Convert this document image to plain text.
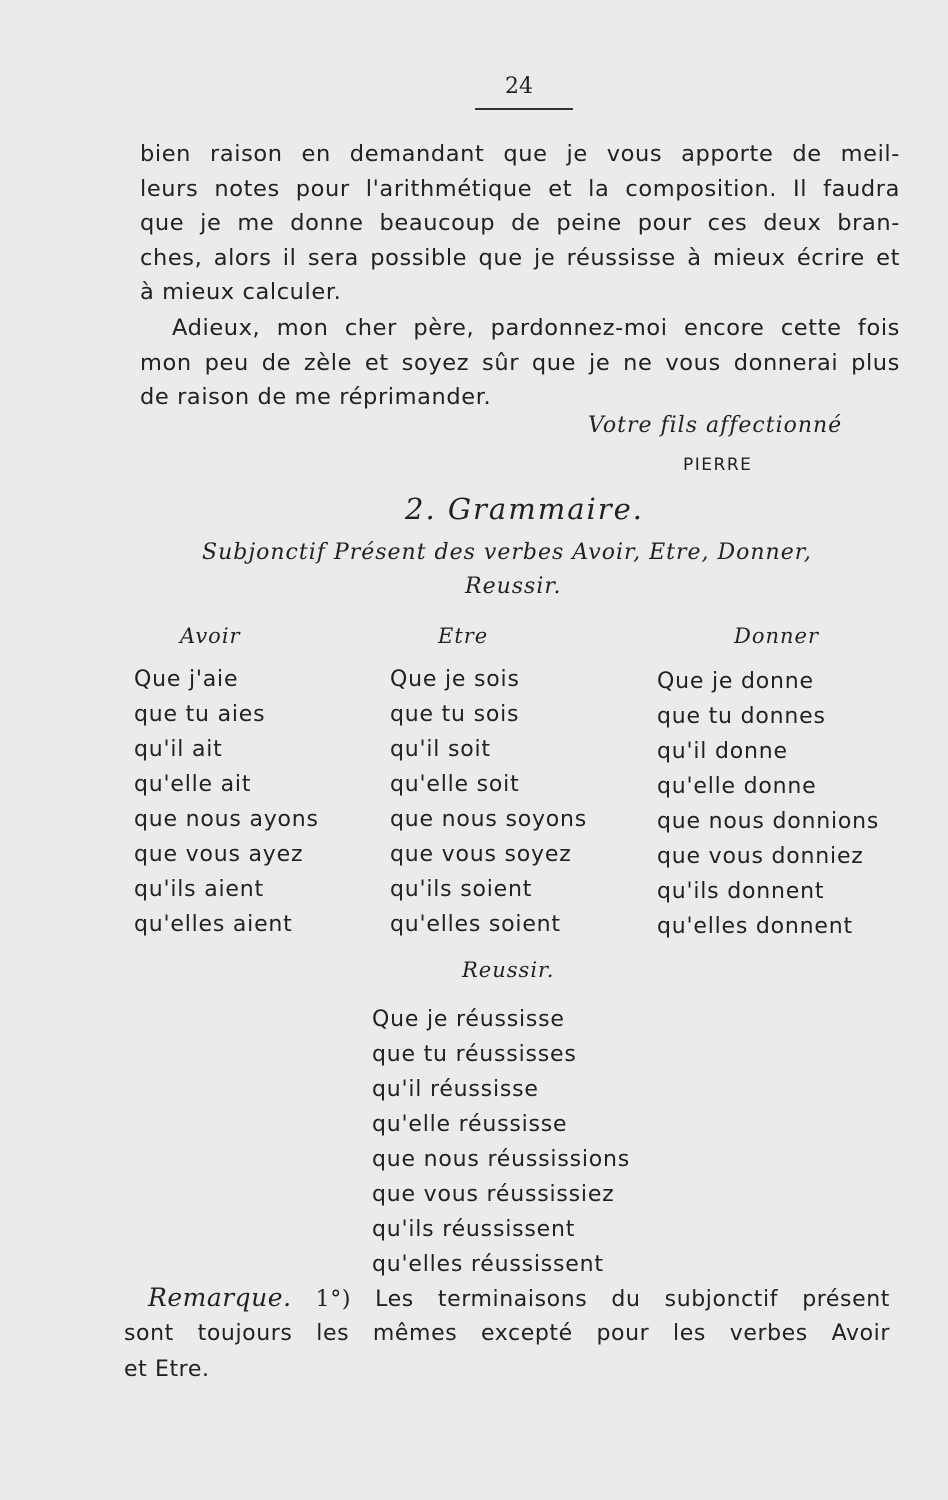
24
bien raison en demandant que je vous apporte de meil-
leurs notes pour l'arithmétique et la composition. Il faudra
que je me donne beaucoup de peine pour ces deux bran-
ches, alors il sera possible que je réussisse à mieux écrire et
à mieux calculer.
Adieux, mon cher père, pardonnez-moi encore cette fois
mon peu de zèle et soyez sûr que je ne vous donnerai plus
de raison de me réprimander.
Votre fils affectionné
PIERRE
2. Grammaire.
Subjonctif Présent des verbes Avoir, Etre, Donner,
Reussir.
Avoir	Etre	Donner
Que j'aie
que tu aies
qu'il ait
qu'elle ait
que nous ayons
que vous ayez
qu'ils aient
qu'elles aient
Que je sois
que tu sois
qu'il soit
qu'elle soit
que nous soyons
que vous soyez
qu'ils soient
qu'elles soient
Que je donne
que tu donnes
qu'il donne
qu'elle donne
que nous donnions
que vous donniez
qu'ils donnent
qu'elles donnent
Reussir.
Que je réussisse
que tu réussisses
qu'il réussisse
qu'elle réussisse
que nous réussissions
que vous réussissiez
qu'ils réussissent
qu'elles réussissent
Remarque. 1°) Les terminaisons du subjonctif présent
sont toujours les mêmes excepté pour les verbes Avoir
et Etre.
